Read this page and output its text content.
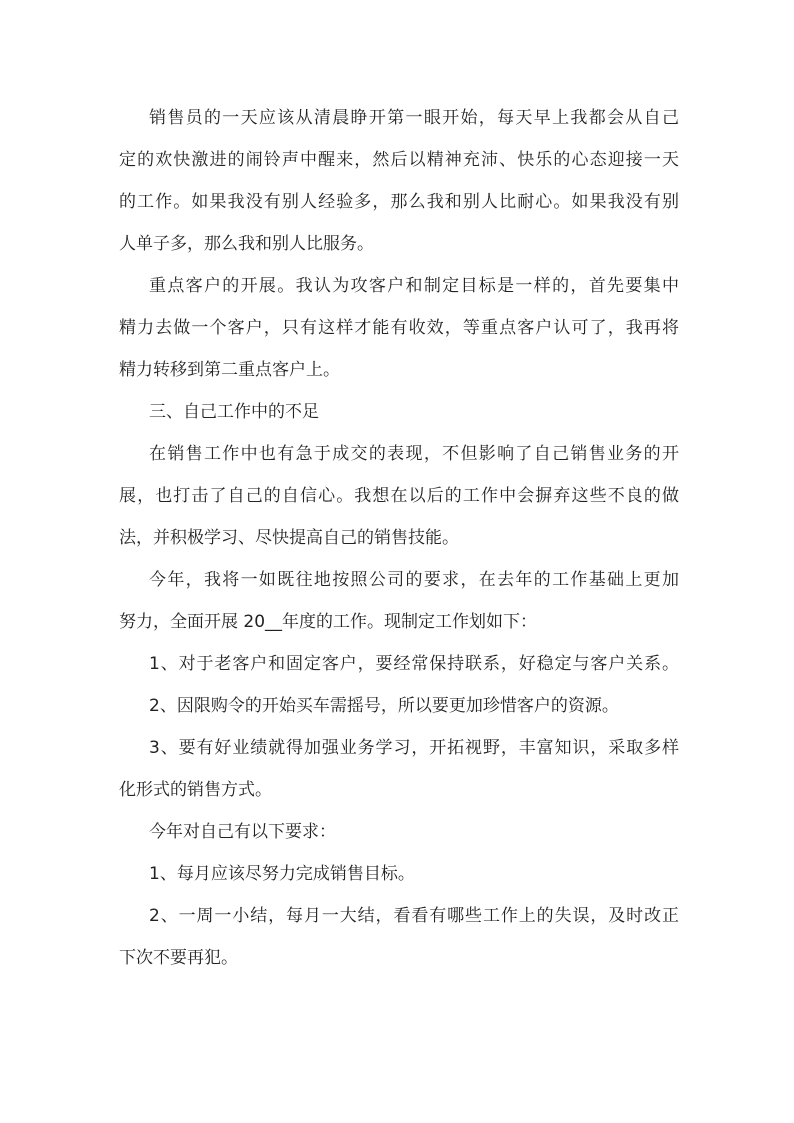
销售员的一天应该从清晨睁开第一眼开始，每天早上我都会从自己
定的欢快激进的闹铃声中醒来，然后以精神充沛、快乐的心态迎接一天
的工作。如果我没有别人经验多，那么我和别人比耐心。如果我没有别
人单子多，那么我和别人比服务。
重点客户的开展。我认为攻客户和制定目标是一样的，首先要集中
精力去做一个客户，只有这样才能有收效，等重点客户认可了，我再将
精力转移到第二重点客户上。
三、自己工作中的不足
在销售工作中也有急于成交的表现，不但影响了自己销售业务的开
展，也打击了自己的自信心。我想在以后的工作中会摒弃这些不良的做
法，并积极学习、尽快提高自己的销售技能。
今年，我将一如既往地按照公司的要求，在去年的工作基础上更加
努力，全面开展 20__年度的工作。现制定工作划如下：
1、对于老客户和固定客户，要经常保持联系，好稳定与客户关系。
2、因限购令的开始买车需摇号，所以要更加珍惜客户的资源。
3、要有好业绩就得加强业务学习，开拓视野，丰富知识，采取多样
化形式的销售方式。
今年对自己有以下要求：
1、每月应该尽努力完成销售目标。
2、一周一小结，每月一大结，看看有哪些工作上的失误，及时改正
下次不要再犯。
